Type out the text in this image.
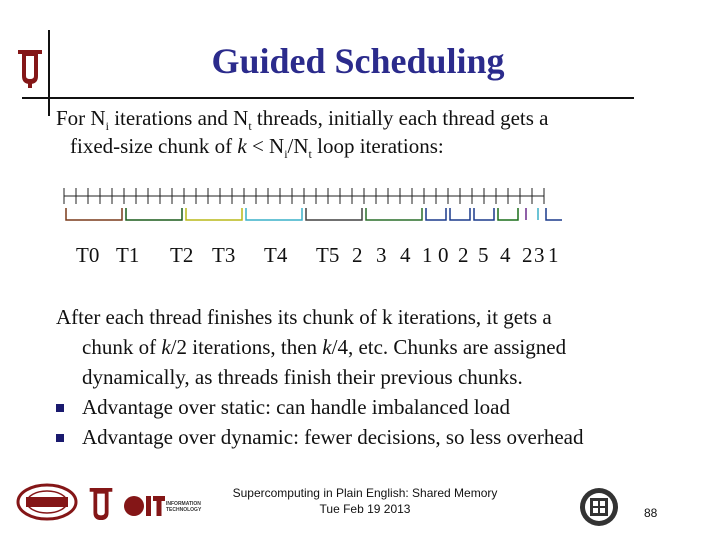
Guided Scheduling
For $N_i$ iterations and $N_t$ threads, initially each thread gets a
fixed-size chunk of $k < N_i/N_t$ loop iterations:
T0 T1 T2 T3 T4 T5 2 3 4 1 0 2 5 4 2 3 1
After each thread finishes its chunk of k iterations, it gets a
chunk of k/2 iterations, then k/4, etc. Chunks are assigned
dynamically, as threads finish their previous chunks.
Advantage over static: can handle imbalanced load
Advantage over dynamic: fewer decisions, so less overhead
INFORMATION TECHNOLOGY
Supercomputing in Plain English: Shared Memory
Tue Feb 19 2013	88
